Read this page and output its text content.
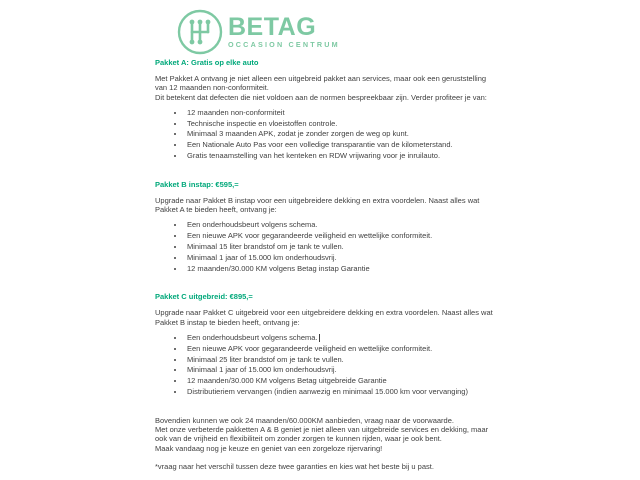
BETAG
OCCASION CENTRUM
Pakket A: Gratis op elke auto
Met Pakket A ontvang je niet alleen een uitgebreid pakket aan services, maar ook een geruststelling van 12 maanden non-conformiteit.
Dit betekent dat defecten die niet voldoen aan de normen bespreekbaar zijn. Verder profiteer je van:
• 12 maanden non-conformiteit
• Technische inspectie en vloeistoffen controle.
• Minimaal 3 maanden APK, zodat je zonder zorgen de weg op kunt.
• Een Nationale Auto Pas voor een volledige transparantie van de kilometerstand.
• Gratis tenaamstelling van het kenteken en RDW vrijwaring voor je inruilauto.
Pakket B instap: €595,=
Upgrade naar Pakket B instap voor een uitgebreidere dekking en extra voordelen. Naast alles wat Pakket A te bieden heeft, ontvang je:
• Een onderhoudsbeurt volgens schema.
• Een nieuwe APK voor gegarandeerde veiligheid en wettelijke conformiteit.
• Minimaal 15 liter brandstof om je tank te vullen.
• Minimaal 1 jaar of 15.000 km onderhoudsvrij.
• 12 maanden/30.000 KM volgens Betag instap Garantie
Pakket C uitgebreid: €895,=
Upgrade naar Pakket C uitgebreid voor een uitgebreidere dekking en extra voordelen. Naast alles wat Pakket B instap te bieden heeft, ontvang je:
• Een onderhoudsbeurt volgens schema.
• Een nieuwe APK voor gegarandeerde veiligheid en wettelijke conformiteit.
• Minimaal 25 liter brandstof om je tank te vullen.
• Minimaal 1 jaar of 15.000 km onderhoudsvrij.
• 12 maanden/30.000 KM volgens Betag uitgebreide Garantie
• Distributieriem vervangen (indien aanwezig en minimaal 15.000 km voor vervanging)
Bovendien kunnen we ook 24 maanden/60.000KM aanbieden, vraag naar de voorwaarde.
Met onze verbeterde pakketten A & B geniet je niet alleen van uitgebreide services en dekking, maar ook van de vrijheid en flexibiliteit om zonder zorgen te kunnen rijden, waar je ook bent.
Maak vandaag nog je keuze en geniet van een zorgeloze rijervaring!
*vraag naar het verschil tussen deze twee garanties en kies wat het beste bij u past.
